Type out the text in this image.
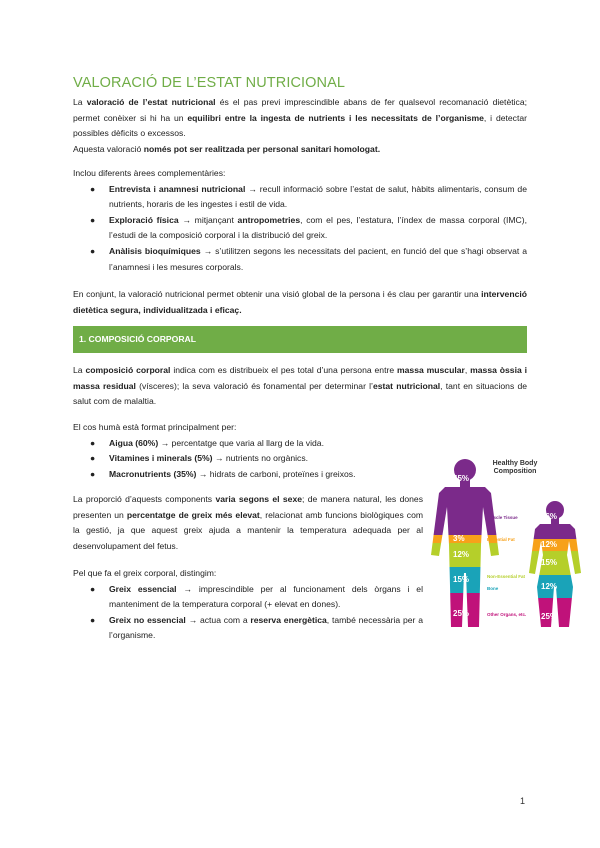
VALORACIÓ DE L’ESTAT NUTRICIONAL

La valoració de l’estat nutricional és el pas previ imprescindible abans de fer qualsevol recomanació dietètica; permet conèixer si hi ha un equilibri entre la ingesta de nutrients i les necessitats de l’organisme, i detectar possibles dèficits o excessos.

Aquesta valoració només pot ser realitzada per personal sanitari homologat.

Inclou diferents àrees complementàries:

● Entrevista i anamnesi nutricional → recull informació sobre l’estat de salut, hàbits alimentaris, consum de nutrients, horaris de les ingestes i estil de vida.
● Exploració física → mitjançant antropometries, com el pes, l’estatura, l’índex de massa corporal (IMC), l’estudi de la composició corporal i la distribució del greix.
● Anàlisis bioquímiques → s’utilitzen segons les necessitats del pacient, en funció del que s’hagi observat a l’anamnesi i les mesures corporals.

En conjunt, la valoració nutricional permet obtenir una visió global de la persona i és clau per garantir una intervenció dietètica segura, individualitzada i eficaç.

1. COMPOSICIÓ CORPORAL

La composició corporal indica com es distribueix el pes total d’una persona entre massa muscular, massa òssia i massa residual (vísceres); la seva valoració és fonamental per determinar l’estat nutricional, tant en situacions de salut com de malaltia.

El cos humà està format principalment per:

● Aigua (60%) → percentatge que varia al llarg de la vida.
● Vitamines i minerals (5%) → nutrients no orgànics.
● Macronutrients (35%) → hidrats de carboni, proteïnes i greixos.

La proporció d’aquests components varia segons el sexe; de manera natural, les dones presenten un percentatge de greix més elevat, relacionat amb funcions biològiques com la gestió, ja que aquest greix ajuda a mantenir la temperatura adequada per al desenvolupament del fetus.

Pel que fa el greix corporal, distingim:

● Greix essencial → imprescindible per al funcionament dels òrgans i el manteniment de la temperatura corporal (+ elevat en dones).
● Greix no essencial → actua com a reserva energètica, també necessària per a l’organisme.
Healthy Body Composition
45%
36%
Muscle Tissue
3%
12%
Essential Fat
12%
15%
Non-Essential Fat
15%
12%
Bone
25%	25%
Other Organs, etc.
1
